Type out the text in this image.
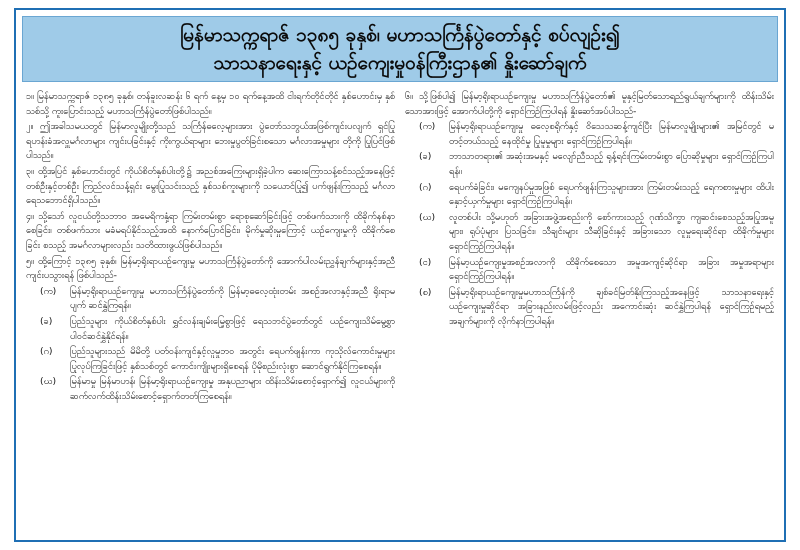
မြန်မာသက္ကရာဇ် ၁၃၈၅ ခုနှစ်၊ မဟာသင်္ကြန်ပွဲတော်နှင့် စပ်လျဉ်း၍
သာသနာရေးနှင့် ယဉ်ကျေးမှုဝန်ကြီးဌာန၏ နှိုးဆော်ချက်

၁။ မြန်မာသက္ကရာဇ် ၁၃၈၅ ခုနှစ်၊ တန်ခူးလဆန်း ၆ ရက် နေ့မှ ၁၀ ရက်နေ့အထိ ငါးရက်တိုင်တိုင် နှစ်ဟောင်းမှ နှစ်သစ်သို့ ကူးပြောင်းသည့် မဟာသင်္ကြန်ပွဲတော်ဖြစ်ပါသည်။

၂။ ဤအခါသမယတွင် မြန်မာလူမျိုးတို့သည် သင်္ကြန်ဓလေ့များအား ပွဲတော်သဘွယ်အဖြစ်ကျင်းပလျက် ရှင်ပြုရဟန်းခံအလှူမင်္ဂလာများ ကျင်းပခြင်းနှင့် ကိုးကွယ်ရာများ ဘေးမှုပွတ်ခြင်းစသော မင်္ဂလာအမှုများ တိုကို ပြုပြင်ဖြစ်ပါသည်။

၃။ ထို့အပြင် နှစ်ဟောင်းတွင် ကိုယ်စိတ်နှစ်ပါးတို့၌ အညစ်အကြေးများရှိခဲ့ပါက ဆေးကြောသန့်စင်သည့်အနေဖြင့် တစ်ဦးနှင့်တစ်ဦး ကြည်လင်သန့်ရှင်း မွေးပြုသင်းသည့် နှစ်သစ်ကူးများကို သယောင်ပြု၍ ပက်ဖျန်းကြသည့် မင်္ဂလာရေသဘောင်ရှိပါသည်။

၄။ သို့သော် လူငယ်တို့သဘာဝ အမေရိကနှံ့ရာ ကြမ်းတမ်းစွာ ရောစုဆော်ခြင်းဖြင့် တစ်ဖက်သားကို ထိခိုက်နစ်နာစေခြင်း၊ တစ်ဖက်သား မခံမရပ်နိုင်သည့်အထိ နောက်ပြောင်ခြင်း၊ မိုက်မှုဆိုးမှုကြောင့် ယဉ်ကျေးမှုကို ထိခိုက်စေခြင်း စသည့် အမင်္ဂလာများလည်း သတိထားဖွယ်ဖြစ်ပါသည်။

၅။ ထို့ကြောင့် ၁၃၈၅ ခုနှစ်၊ မြန်မာ့ရိုးရာယဉ်ကျေးမှု မဟာသင်္ကြန်ပွဲတော်ကို အောက်ပါလမ်းညွှန်ချက်များနှင့်အညီ ကျင်းပသွားရန် ဖြစ်ပါသည်-

(က)	မြန်မာ့ရိုးရာယဉ်ကျေးမှု မဟာသင်္ကြန်ပွဲတော်ကို မြန်မာ့ဓလေ့ထုံးတမ်း အစဉ်အလာနှင့်အညီ ရိုးရာမပျက် ဆင်နွှဲကြရန်။
(ခ)	ပြည်သူများ ကိုယ်စိတ်နှစ်ပါး ရွှင်လန်းချမ်းမြေ့စွာဖြင့် ရေသဘင်ပွဲတော်တွင် ယဉ်ကျေးသိမ်မွေ့စွာ ပါဝင်ဆင်နွှဲနိုင်ရန်။
(ဂ)	ပြည်သူများသည် မိမိတို့ ပတ်ဝန်းကျင်နှင့်လူမှုဘဝ အတွင်း ရေပက်ဖျန်းကာ ကုသိုလ်ကောင်းမှုများ ပြုလုပ်ကြခြင်းဖြင့် နှစ်သစ်တွင် ကောင်းကျိုးများရှိစေရန် ပိုမိုစည်းလုံးစွာ ဆောင်ရွက်နိုင်ကြစေရန်။
(ဃ)	မြန်မာမှု မြန်မာဟန်၊ မြန်မာ့ရိုးရာယဉ်ကျေးမှု အနုပညာများ ထိန်းသိမ်းစောင့်ရှောက်၍ လူငယ်များကို ဆက်လက်ထိန်းသိမ်းစောင့်ရှောက်တတ်ကြစေရန်။

၆။ သို့ဖြစ်ပါ၍ မြန်မာ့ရိုးရာယဉ်ကျေးမှု မဟာသင်္ကြန်ပွဲတော်၏ မူနှင့်မြတ်သောရည်ရွယ်ချက်များကို ထိန်းသိမ်းသောအားဖြင့် အောက်ပါတို့ကို ရှောင်ကြဉ်ကြပါရန် နှိုးဆော်အပ်ပါသည်-

(က)	မြန်မာ့ရိုးရာယဉ်ကျေးမှု ဓလေ့စရိုက်နှင့် ဝိသေသဆန့်ကျင်ပြီး မြန်မာလူမျိုးများ၏ အမြင်တွင် မတင့်တယ်သည့် နေထိုင်မှု ပြုမူမှုများ ရှောင်ကြဉ်ကြပါရန်။
(ခ)	ဘာသာတရား၏ အဆုံးအမနှင့် မလျော်ညီသည့် ရုန့်ရင်းကြမ်းတမ်းစွာ ပြောဆိုမှုများ ရှောင်ကြဉ်ကြပါရန်။
(ဂ)	ရေပက်ခံခြင်း၊ မကျေနပ်မှုအဖြစ် ရေပက်ဖျန်းကြသူများအား ကြမ်းတမ်းသည့် ရေကစားမှုများ ထိပါးနှောင့်ယှက်မှုများ ရှောင်ကြဉ်ကြပါရန်။
(ဃ)	လူတစ်ပါး သို့မဟုတ် အခြားအဖွဲ့အစည်းကို စော်ကားသည့် ဂုဏ်သိက္ခာ ကျဆင်းစေသည့်အပြုအမူများ၊ ရုပ်ပုံများ ပြသခြင်း၊ သီချင်းများ သီဆိုခြင်းနှင့် အခြားသော လူမှုရေးဆိုင်ရာ ထိခိုက်မှုများ ရှောင်ကြဉ်ကြပါရန်။
(င)	မြန်မာ့ယဉ်ကျေးမှုအစဉ်အလာကို ထိခိုက်စေသော အမူအကျင့်ဆိုင်ရာ အခြား အမှုအရာများ ရှောင်ကြဉ်ကြပါရန်။
(စ)	မြန်မာ့ရိုးရာယဉ်ကျေးမှုမဟာသင်္ကြန်ကို ချစ်ခင်မြတ်နိုးကြသည့်အနေဖြင့် သာသနာရေးနှင့် ယဉ်ကျေးမှုဆိုင်ရာ အခြားနည်းလမ်းဖြင့်လည်း အကောင်းဆုံး ဆင်နွှဲကြပါရန် ရှောင်ကြဉ်ရမည့်အချက်များကို လိုက်နာကြပါရန်။
